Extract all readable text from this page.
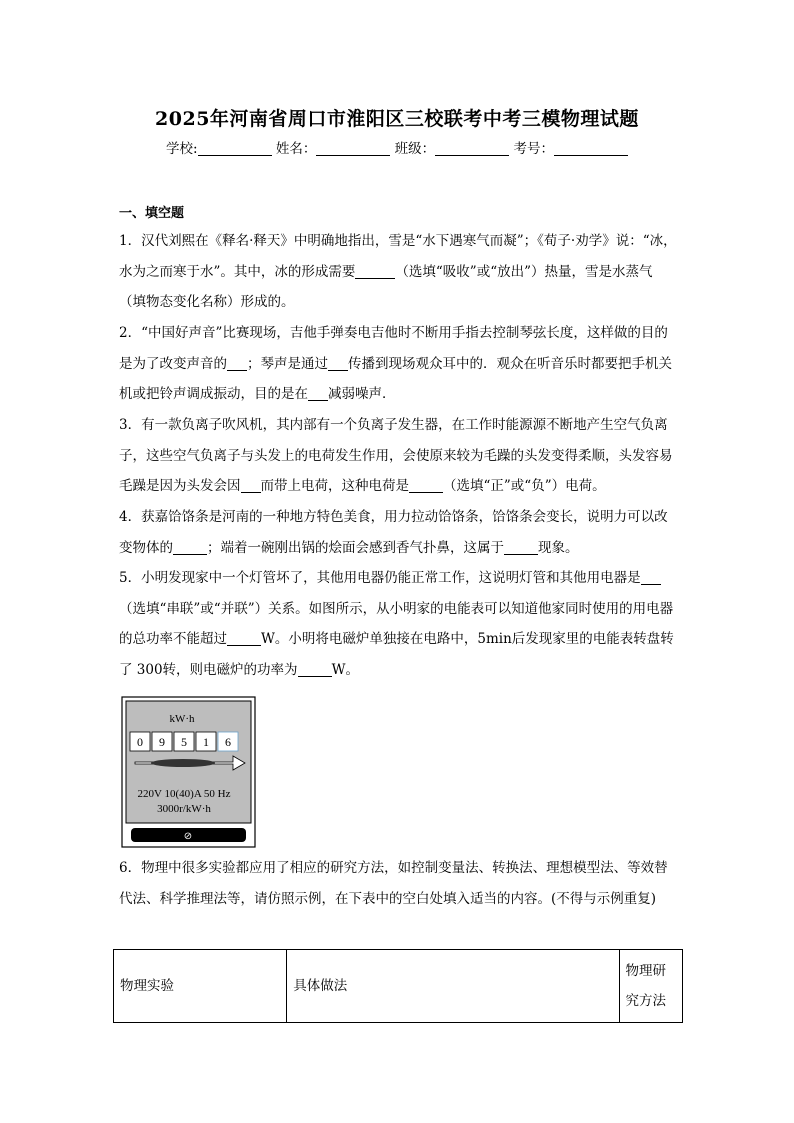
2025年河南省周口市淮阳区三校联考中考三模物理试题
学校:	姓名：	班级：	考号：
一、填空题
1．汉代刘熙在《释名·释天》中明确地指出，雪是“水下遇寒气而凝”；《荀子·劝学》说：“冰，水为之而寒于水”。其中，冰的形成需要	（选填“吸收”或“放出”）热量，雪是水蒸气（填物态变化名称）形成的。
2．“中国好声音”比赛现场，吉他手弹奏电吉他时不断用手指去控制琴弦长度，这样做的目的是为了改变声音的 ；琴声是通过 传播到现场观众耳中的．观众在听音乐时都要把手机关机或把铃声调成振动，目的是在 减弱噪声．
3．有一款负离子吹风机，其内部有一个负离子发生器，在工作时能源源不断地产生空气负离子，这些空气负离子与头发上的电荷发生作用，会使原来较为毛躁的头发变得柔顺，头发容易毛躁是因为头发会因 而带上电荷，这种电荷是	（选填“正”或“负”）电荷。
4．获嘉饸饹条是河南的一种地方特色美食，用力拉动饸饹条，饸饹条会变长，说明力可以改变物体的	；端着一碗刚出锅的烩面会感到香气扑鼻，这属于	现象。
5．小明发现家中一个灯管坏了，其他用电器仍能正常工作，这说明灯管和其他用电器是（选填“串联”或“并联”）关系。如图所示，从小明家的电能表可以知道他家同时使用的用电器的总功率不能超过	W。小明将电磁炉单独接在电路中，5min后发现家里的电能表转盘转了 300转，则电磁炉的功率为	W。
kW·h
0 9 5 1 6
220V 10(40)A 50 Hz
3000r/kW·h
⊘
6．物理中很多实验都应用了相应的研究方法，如控制变量法、转换法、理想模型法、等效替代法、科学推理法等，请仿照示例，在下表中的空白处填入适当的内容。(不得与示例重复)
物理实验	具体做法	物理研究方法
